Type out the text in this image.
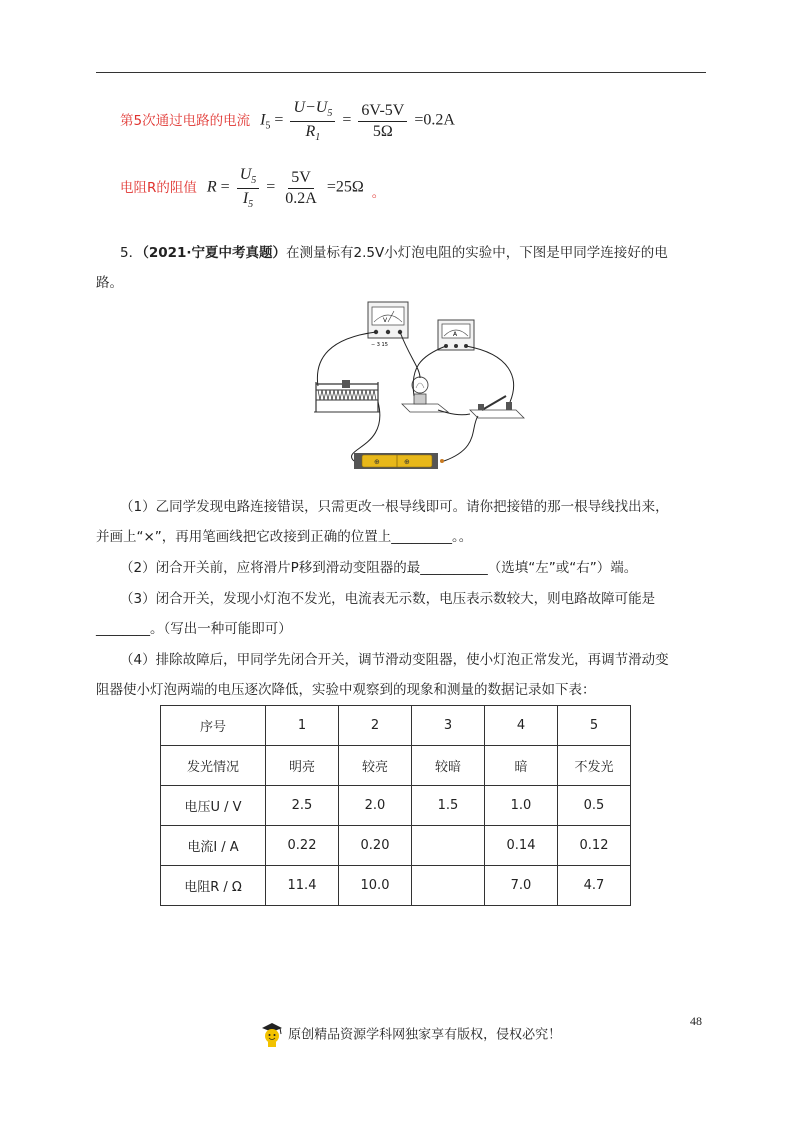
第5次通过电路的电流 $I_5 = \frac{U-U_5}{R_1} = \frac{6V-5V}{5\Omega} =0.2A$
电阻R的阻值 $R = \frac{U_5}{I_5} = \frac{5V}{0.2A} =25\Omega$ 。
5．（2021·宁夏中考真题）在测量标有2.5V小灯泡电阻的实验中，下图是甲同学连接好的电
路。
V
− 3 15
A
⊕	⊕
（1）乙同学发现电路连接错误，只需更改一根导线即可。请你把接错的那一根导线找出来，
并画上“×”，再用笔画线把它改接到正确的位置上_________。。
（2）闭合开关前，应将滑片P移到滑动变阻器的最__________（选填“左”或“右”）端。
（3）闭合开关，发现小灯泡不发光，电流表无示数，电压表示数较大，则电路故障可能是
________。（写出一种可能即可）
（4）排除故障后，甲同学先闭合开关，调节滑动变阻器，使小灯泡正常发光，再调节滑动变
阻器使小灯泡两端的电压逐次降低，实验中观察到的现象和测量的数据记录如下表：
序号	1	2	3	4	5
发光情况	明亮	较亮	较暗	暗	不发光
电压U / V	2.5	2.0	1.5	1.0	0.5
电流I / A	0.22	0.20		0.14	0.12
电阻R / Ω	11.4	10.0		7.0	4.7
48
原创精品资源学科网独家享有版权，侵权必究！
